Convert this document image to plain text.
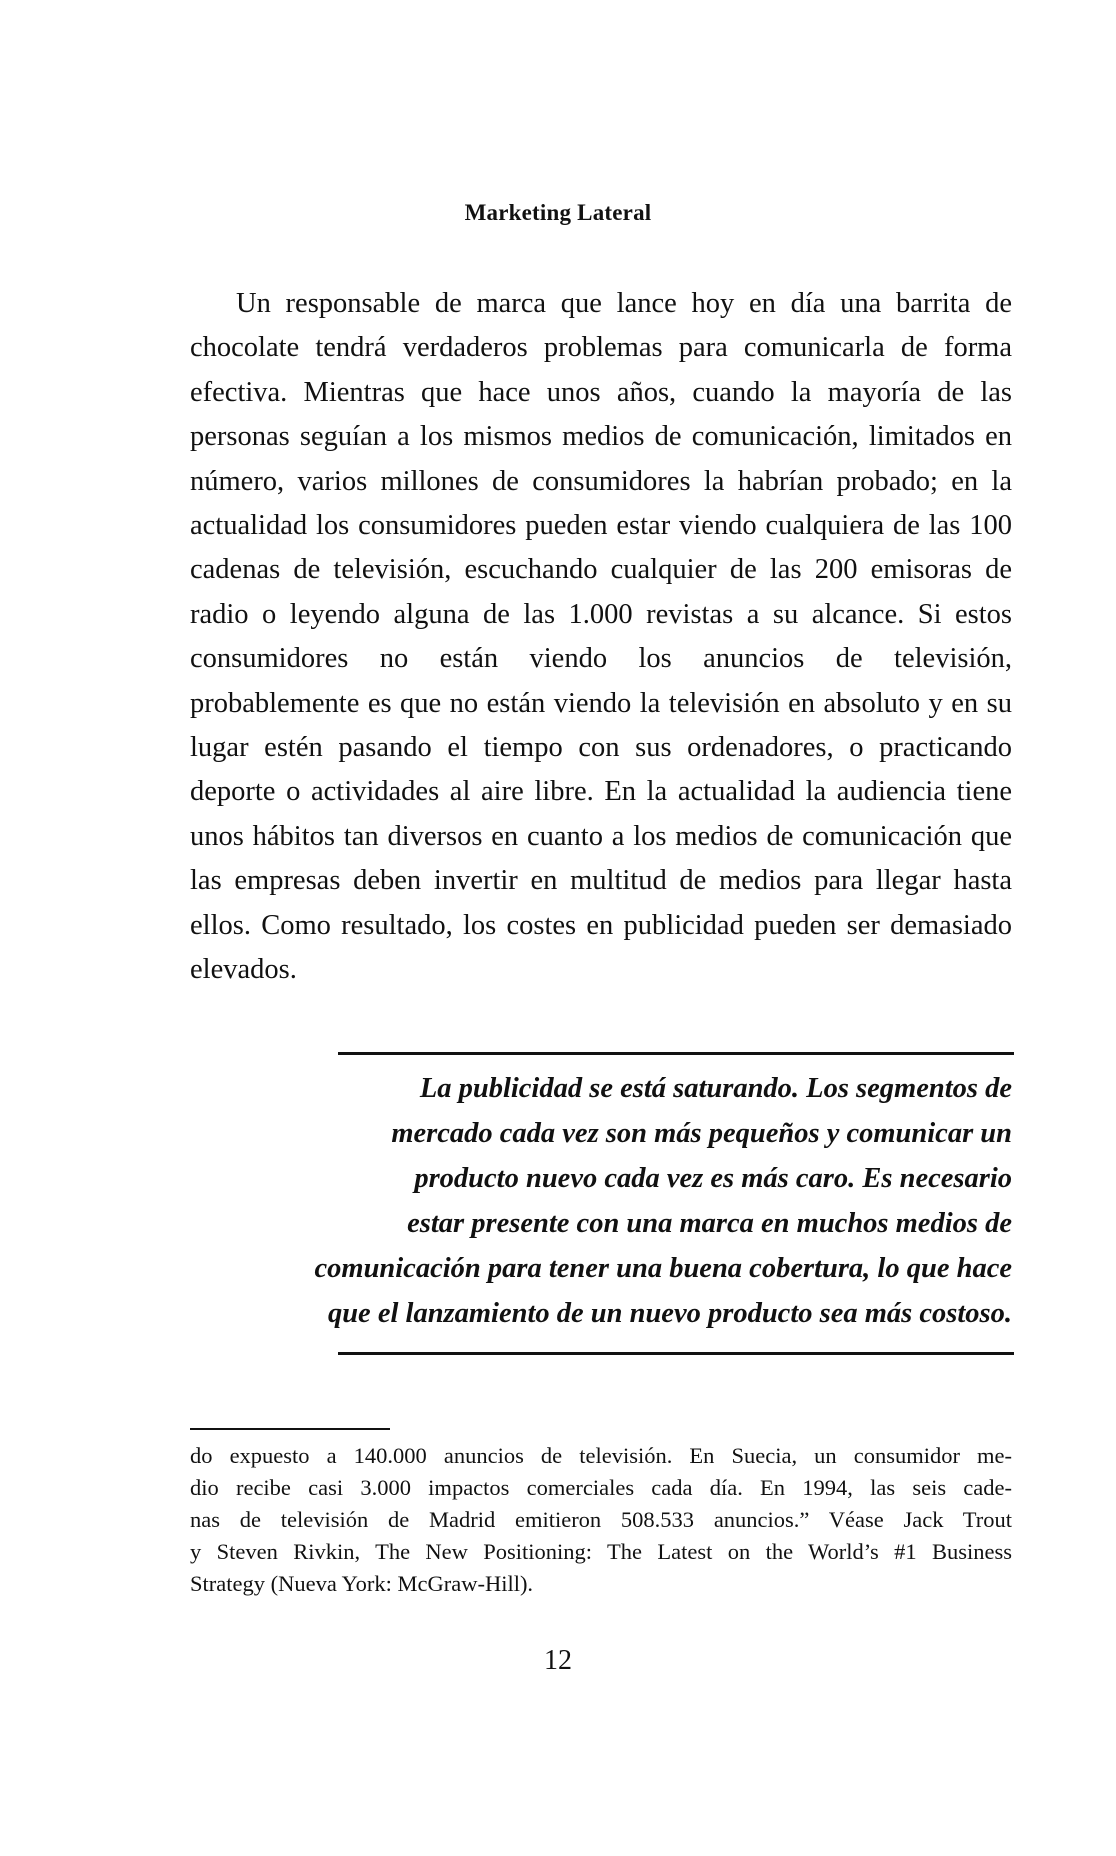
Marketing Lateral

Un responsable de marca que lance hoy en día una barrita de chocolate tendrá verdaderos problemas para comunicarla de forma efectiva. Mientras que hace unos años, cuando la mayoría de las personas seguían a los mismos medios de comunicación, limitados en número, varios millones de consumidores la habrían probado; en la actualidad los consumidores pueden estar viendo cualquiera de las 100 cadenas de televisión, escuchando cualquier de las 200 emisoras de radio o leyendo alguna de las 1.000 revistas a su alcance. Si estos consumidores no están viendo los anuncios de televisión, probablemente es que no están viendo la televisión en absoluto y en su lugar estén pasando el tiempo con sus ordenadores, o practicando deporte o actividades al aire libre. En la actualidad la audiencia tiene unos hábitos tan diversos en cuanto a los medios de comunicación que las empresas deben invertir en multitud de medios para llegar hasta ellos. Como resultado, los costes en publicidad pueden ser demasiado elevados.

La publicidad se está saturando. Los segmentos de
mercado cada vez son más pequeños y comunicar un
producto nuevo cada vez es más caro. Es necesario
estar presente con una marca en muchos medios de
comunicación para tener una buena cobertura, lo que hace
que el lanzamiento de un nuevo producto sea más costoso.

do expuesto a 140.000 anuncios de televisión. En Suecia, un consumidor me-
dio recibe casi 3.000 impactos comerciales cada día. En 1994, las seis cade-
nas de televisión de Madrid emitieron 508.533 anuncios.” Véase Jack Trout
y Steven Rivkin, The New Positioning: The Latest on the World’s #1 Business
Strategy (Nueva York: McGraw-Hill).

12
